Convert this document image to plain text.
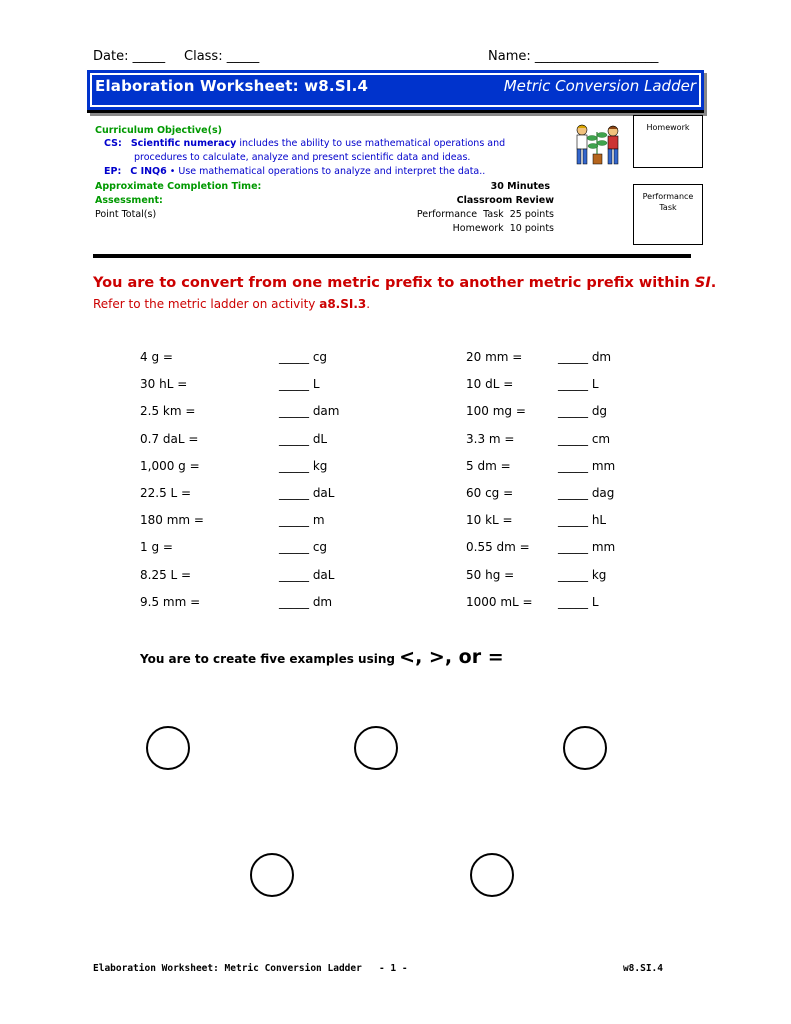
Date: _____ Class: _____	Name: ___________________
Elaboration Worksheet: w8.SI.4	Metric Conversion Ladder
Curriculum Objective(s)
CS: Scientific numeracy includes the ability to use mathematical operations and
procedures to calculate, analyze and present scientific data and ideas.
EP: C INQ6 • Use mathematical operations to analyze and interpret the data..
Approximate Completion Time:	30 Minutes
Assessment:	Classroom Review
Point Total(s)	Performance  Task  25 points
Homework  10 points
Homework
Performance
Task
You are to convert from one metric prefix to another metric prefix within SI.
Refer to the metric ladder on activity a8.SI.3.
4 g =	_____ cg
30 hL =	_____ L
2.5 km =	_____ dam
0.7 daL =	_____ dL
1,000 g =	_____ kg
22.5 L =	_____ daL
180 mm =	_____ m
1 g =	_____ cg
8.25 L =	_____ daL
9.5 mm =	_____ dm
20 mm =	_____ dm
10 dL =	_____ L
100 mg =	_____ dg
3.3 m =	_____ cm
5 dm =	_____ mm
60 cg =	_____ dag
10 kL =	_____ hL
0.55 dm = _____ mm
50 hg =	_____ kg
1000 mL = _____ L
You are to create five examples using <, >, or =
Elaboration Worksheet: Metric Conversion Ladder   - 1 -	w8.SI.4
